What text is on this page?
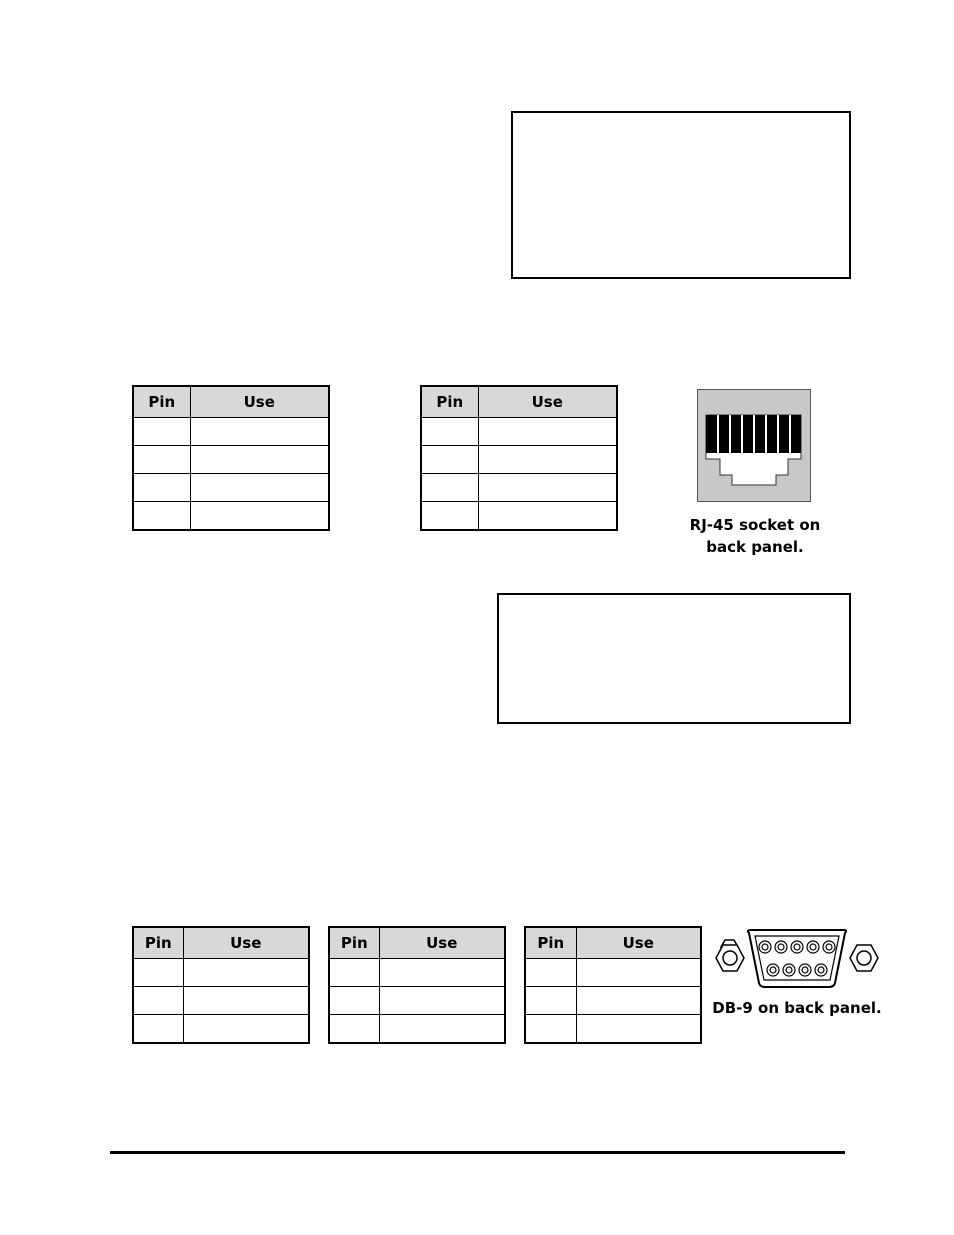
Pin	Use

		Pin	Use

RJ-45 socket on
back panel.
Pin	Use

		Pin	Use

		Pin	Use

DB-9 on back panel.
